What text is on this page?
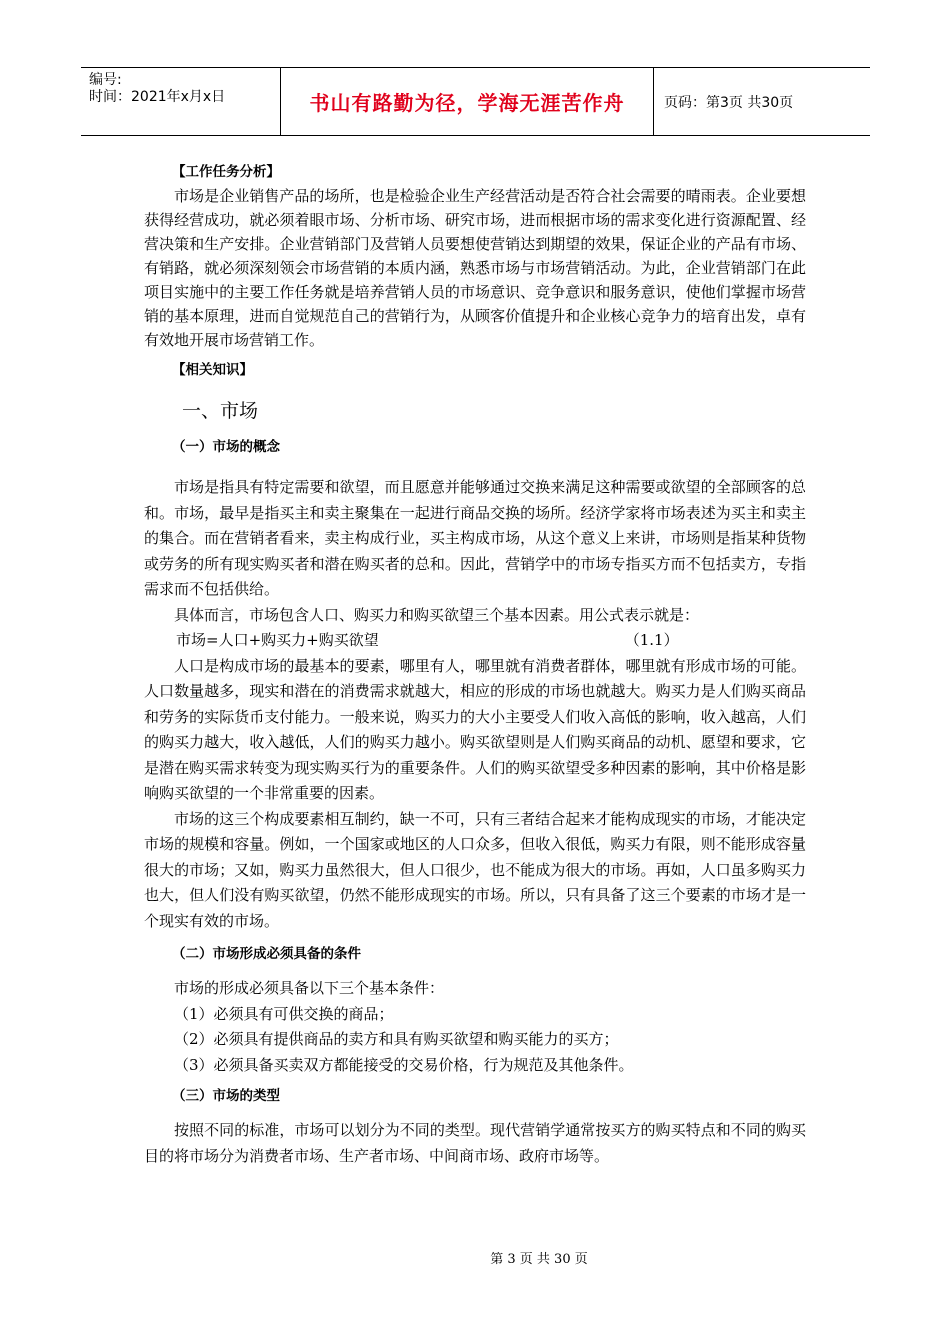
编号:
时间：2021年x月x日	书山有路勤为径，学海无涯苦作舟	页码：第3页 共30页

【工作任务分析】

市场是企业销售产品的场所，也是检验企业生产经营活动是否符合社会需要的晴雨表。企业要想获得经营成功，就必须着眼市场、分析市场、研究市场，进而根据市场的需求变化进行资源配置、经营决策和生产安排。企业营销部门及营销人员要想使营销达到期望的效果，保证企业的产品有市场、有销路，就必须深刻领会市场营销的本质内涵，熟悉市场与市场营销活动。为此，企业营销部门在此项目实施中的主要工作任务就是培养营销人员的市场意识、竞争意识和服务意识，使他们掌握市场营销的基本原理，进而自觉规范自己的营销行为，从顾客价值提升和企业核心竞争力的培育出发，卓有有效地开展市场营销工作。

【相关知识】

一、市场

（一）市场的概念

市场是指具有特定需要和欲望，而且愿意并能够通过交换来满足这种需要或欲望的全部顾客的总和。市场，最早是指买主和卖主聚集在一起进行商品交换的场所。经济学家将市场表述为买主和卖主的集合。而在营销者看来，卖主构成行业，买主构成市场，从这个意义上来讲，市场则是指某种货物或劳务的所有现实购买者和潜在购买者的总和。因此，营销学中的市场专指买方而不包括卖方，专指需求而不包括供给。

具体而言，市场包含人口、购买力和购买欲望三个基本因素。用公式表示就是：

市场=人口+购买力+购买欲望	（1.1）

人口是构成市场的最基本的要素，哪里有人，哪里就有消费者群体，哪里就有形成市场的可能。人口数量越多，现实和潜在的消费需求就越大，相应的形成的市场也就越大。购买力是人们购买商品和劳务的实际货币支付能力。一般来说，购买力的大小主要受人们收入高低的影响，收入越高，人们的购买力越大，收入越低，人们的购买力越小。购买欲望则是人们购买商品的动机、愿望和要求，它是潜在购买需求转变为现实购买行为的重要条件。人们的购买欲望受多种因素的影响，其中价格是影响购买欲望的一个非常重要的因素。

市场的这三个构成要素相互制约，缺一不可，只有三者结合起来才能构成现实的市场，才能决定市场的规模和容量。例如，一个国家或地区的人口众多，但收入很低，购买力有限，则不能形成容量很大的市场；又如，购买力虽然很大，但人口很少，也不能成为很大的市场。再如，人口虽多购买力也大，但人们没有购买欲望，仍然不能形成现实的市场。所以，只有具备了这三个要素的市场才是一个现实有效的市场。

（二）市场形成必须具备的条件

市场的形成必须具备以下三个基本条件：

（1）必须具有可供交换的商品；

（2）必须具有提供商品的卖方和具有购买欲望和购买能力的买方；

（3）必须具备买卖双方都能接受的交易价格，行为规范及其他条件。

（三）市场的类型

按照不同的标准，市场可以划分为不同的类型。现代营销学通常按买方的购买特点和不同的购买目的将市场分为消费者市场、生产者市场、中间商市场、政府市场等。

第 3 页 共 30 页
